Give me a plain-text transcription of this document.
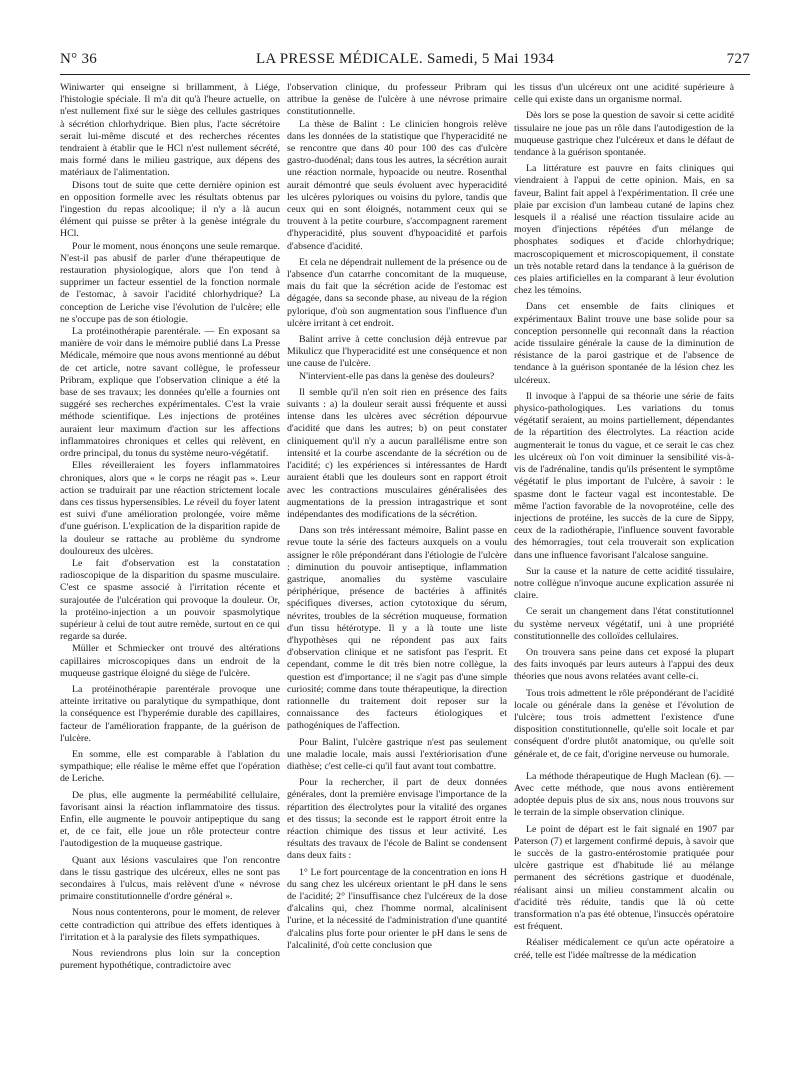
N° 36	LA PRESSE MÉDICALE. Samedi, 5 Mai 1934	727

Winiwarter qui enseigne si brillamment, à Liége, l'histologie spéciale. Il m'a dit qu'à l'heure actuelle, on n'est nullement fixé sur le siège des cellules gastriques à sécrétion chlorhydrique. Bien plus, l'acte sécrétoire serait lui-même discuté et des recherches récentes tendraient à établir que le HCl n'est nullement sécrété, mais formé dans le milieu gastrique, aux dépens des matériaux de l'alimentation.

Disons tout de suite que cette dernière opinion est en opposition formelle avec les résultats obtenus par l'ingestion du repas alcoolique; il n'y a là aucun élément qui puisse se prêter à la genèse intégrale du HCl.

Pour le moment, nous énonçons une seule remarque. N'est-il pas abusif de parler d'une thérapeutique de restauration physiologique, alors que l'on tend à supprimer un facteur essentiel de la fonction normale de l'estomac, à savoir l'acidité chlorhydrique? La conception de Leriche vise l'évolution de l'ulcère; elle ne s'occupe pas de son étiologie.

La protéinothérapie parentérale. — En exposant sa manière de voir dans le mémoire publié dans La Presse Médicale, mémoire que nous avons mentionné au début de cet article, notre savant collègue, le professeur Pribram, explique que l'observation clinique a été la base de ses travaux; les données qu'elle a fournies ont suggéré ses recherches expérimentales. C'est la vraie méthode scientifique. Les injections de protéines auraient leur maximum d'action sur les affections inflammatoires chroniques et celles qui relèvent, en ordre principal, du tonus du système neuro-végétatif.

Elles réveilleraient les foyers inflammatoires chroniques, alors que « le corps ne réagit pas ». Leur action se traduirait par une réaction strictement locale dans ces tissus hypersensibles. Le réveil du foyer latent est suivi d'une amélioration prolongée, voire même d'une guérison. L'explication de la disparition rapide de la douleur se rattache au problème du syndrome douloureux des ulcères.

Le fait d'observation est la constatation radioscopique de la disparition du spasme musculaire. C'est ce spasme associé à l'irritation récente et surajoutée de l'ulcération qui provoque la douleur. Or, la protéino-injection a un pouvoir spasmolytique supérieur à celui de tout autre remède, surtout en ce qui regarde sa durée.

Müller et Schmiecker ont trouvé des altérations capillaires microscopiques dans un endroit de la muqueuse gastrique éloigné du siège de l'ulcère.

La protéinothérapie parentérale provoque une atteinte irritative ou paralytique du sympathique, dont la conséquence est l'hyperémie durable des capillaires, facteur de l'amélioration frappante, de la guérison de l'ulcère.

En somme, elle est comparable à l'ablation du sympathique; elle réalise le même effet que l'opération de Leriche.

De plus, elle augmente la perméabilité cellulaire, favorisant ainsi la réaction inflammatoire des tissus. Enfin, elle augmente le pouvoir antipeptique du sang et, de ce fait, elle joue un rôle protecteur contre l'autodigestion de la muqueuse gastrique.

Quant aux lésions vasculaires que l'on rencontre dans le tissu gastrique des ulcéreux, elles ne sont pas secondaires à l'ulcus, mais relèvent d'une « névrose primaire constitutionnelle d'ordre général ».

Nous nous contenterons, pour le moment, de relever cette contradiction qui attribue des effets identiques à l'irritation et à la paralysie des filets sympathiques.

Nous reviendrons plus loin sur la conception purement hypothétique, contradictoire avec

l'observation clinique, du professeur Pribram qui attribue la genèse de l'ulcère à une névrose primaire constitutionnelle.

La thèse de Balint : Le clinicien hongrois relève dans les données de la statistique que l'hyperacidité ne se rencontre que dans 40 pour 100 des cas d'ulcère gastro-duodénal; dans tous les autres, la sécrétion aurait une réaction normale, hypoacide ou neutre. Rosenthal aurait démontré que seuls évoluent avec hyperacidité les ulcères pyloriques ou voisins du pylore, tandis que ceux qui en sont éloignés, notamment ceux qui se trouvent à la petite courbure, s'accompagnent rarement d'hyperacidité, plus souvent d'hypoacidité et parfois d'absence d'acidité.

Et cela ne dépendrait nullement de la présence ou de l'absence d'un catarrhe concomitant de la muqueuse, mais du fait que la sécrétion acide de l'estomac est dégagée, dans sa seconde phase, au niveau de la région pylorique, d'où son augmentation sous l'influence d'un ulcère irritant à cet endroit.

Balint arrive à cette conclusion déjà entrevue par Mikulicz que l'hyperacidité est une conséquence et non une cause de l'ulcère.

N'intervient-elle pas dans la genèse des douleurs?

Il semble qu'il n'en soit rien en présence des faits suivants : a) la douleur serait aussi fréquente et aussi intense dans les ulcères avec sécrétion dépourvue d'acidité que dans les autres; b) on peut constater cliniquement qu'il n'y a aucun parallélisme entre son intensité et la courbe ascendante de la sécrétion ou de l'acidité; c) les expériences si intéressantes de Hardt auraient établi que les douleurs sont en rapport étroit avec les contractions musculaires généralisées des augmentations de la pression intragastrique et sont indépendantes des modifications de la sécrétion.

Dans son très intéressant mémoire, Balint passe en revue toute la série des facteurs auxquels on a voulu assigner le rôle prépondérant dans l'étiologie de l'ulcère : diminution du pouvoir antiseptique, inflammation gastrique, anomalies du système vasculaire périphérique, présence de bactéries à affinités spécifiques diverses, action cytotoxique du sérum, névrites, troubles de la sécrétion muqueuse, formation d'un tissu hétérotype. Il y a là toute une liste d'hypothèses qui ne répondent pas aux faits d'observation clinique et ne satisfont pas l'esprit. Et cependant, comme le dit très bien notre collègue, la question est d'importance; il ne s'agit pas d'une simple curiosité; comme dans toute thérapeutique, la direction rationnelle du traitement doit reposer sur la connaissance des facteurs étiologiques et pathogéniques de l'affection.

Pour Balint, l'ulcère gastrique n'est pas seulement une maladie locale, mais aussi l'extériorisation d'une diathèse; c'est celle-ci qu'il faut avant tout combattre.

Pour la rechercher, il part de deux données générales, dont la première envisage l'importance de la répartition des électrolytes pour la vitalité des organes et des tissus; la seconde est le rapport étroit entre la réaction chimique des tissus et leur activité. Les résultats des travaux de l'école de Balint se condensent dans deux faits :

1° Le fort pourcentage de la concentration en ions H du sang chez les ulcéreux orientant le pH dans le sens de l'acidité; 2° l'insuffisance chez l'ulcéreux de la dose d'alcalins qui, chez l'homme normal, alcalinisent l'urine, et la nécessité de l'administration d'une quantité d'alcalins plus forte pour orienter le pH dans le sens de l'alcalinité, d'où cette conclusion que

les tissus d'un ulcéreux ont une acidité supérieure à celle qui existe dans un organisme normal.

Dès lors se pose la question de savoir si cette acidité tissulaire ne joue pas un rôle dans l'autodigestion de la muqueuse gastrique chez l'ulcéreux et dans le défaut de tendance à la guérison spontanée.

La littérature est pauvre en faits cliniques qui viendraient à l'appui de cette opinion. Mais, en sa faveur, Balint fait appel à l'expérimentation. Il crée une plaie par excision d'un lambeau cutané de lapins chez lesquels il a réalisé une réaction tissulaire acide au moyen d'injections répétées d'un mélange de phosphates sodiques et d'acide chlorhydrique; macroscopiquement et microscopiquement, il constate un très notable retard dans la tendance à la guérison de ces plaies artificielles en la comparant à leur évolution chez les témoins.

Dans cet ensemble de faits cliniques et expérimentaux Balint trouve une base solide pour sa conception personnelle qui reconnaît dans la réaction acide tissulaire générale la cause de la diminution de résistance de la paroi gastrique et de l'absence de tendance à la guérison spontanée de la lésion chez les ulcéreux.

Il invoque à l'appui de sa théorie une série de faits physico-pathologiques. Les variations du tonus végétatif seraient, au moins partiellement, dépendantes de la répartition des électrolytes. La réaction acide augmenterait le tonus du vague, et ce serait le cas chez les ulcéreux où l'on voit diminuer la sensibilité vis-à-vis de l'adrénaline, tandis qu'ils présentent le symptôme végétatif le plus important de l'ulcère, à savoir : le spasme dont le facteur vagal est incontestable. De même l'action favorable de la novoprotéine, celle des injections de protéine, les succès de la cure de Sippy, ceux de la radiothérapie, l'influence souvent favorable des hémorragies, tout cela trouverait son explication dans une influence favorisant l'alcalose sanguine.

Sur la cause et la nature de cette acidité tissulaire, notre collègue n'invoque aucune explication assurée ni claire.

Ce serait un changement dans l'état constitutionnel du système nerveux végétatif, uni à une propriété constitutionnelle des colloïdes cellulaires.

On trouvera sans peine dans cet exposé la plupart des faits invoqués par leurs auteurs à l'appui des deux théories que nous avons relatées avant celle-ci.

Tous trois admettent le rôle prépondérant de l'acidité locale ou générale dans la genèse et l'évolution de l'ulcère; tous trois admettent l'existence d'une disposition constitutionnelle, qu'elle soit locale et par conséquent d'ordre plutôt anatomique, ou qu'elle soit générale et, de ce fait, d'origine nerveuse ou humorale.

La méthode thérapeutique de Hugh Maclean (6). — Avec cette méthode, que nous avons entièrement adoptée depuis plus de six ans, nous nous trouvons sur le terrain de la simple observation clinique.

Le point de départ est le fait signalé en 1907 par Paterson (7) et largement confirmé depuis, à savoir que le succès de la gastro-entérostomie pratiquée pour ulcère gastrique est d'habitude lié au mélange permanent des sécrétions gastrique et duodénale, réalisant ainsi un milieu constamment alcalin ou d'acidité très réduite, tandis que là où cette transformation n'a pas été obtenue, l'insuccès opératoire est fréquent.

Réaliser médicalement ce qu'un acte opératoire a créé, telle est l'idée maîtresse de la médication
